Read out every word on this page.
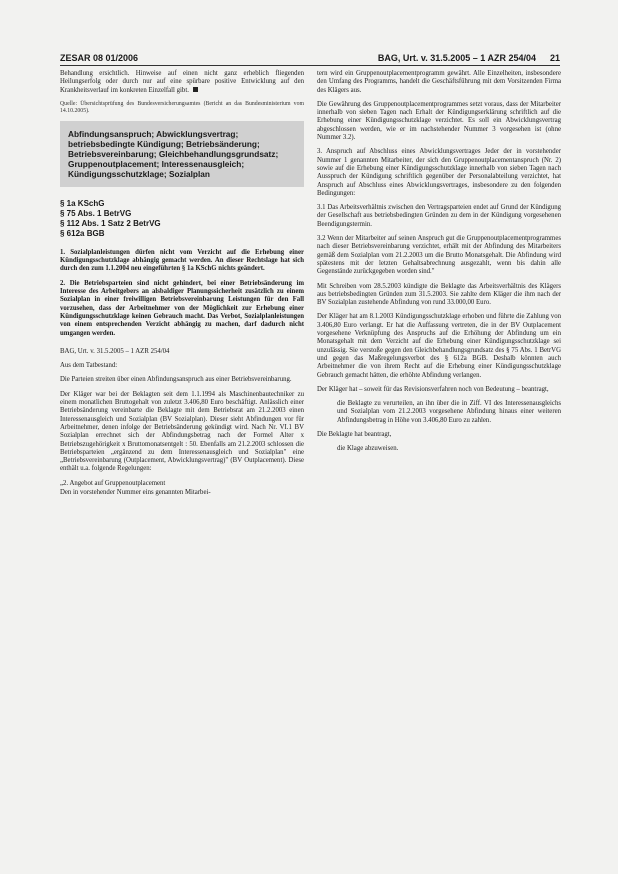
ZESAR 08 01/2006	BAG, Urt. v. 31.5.2005 – 1 AZR 254/04 21

Behandlung ersichtlich. Hinweise auf einen nicht ganz erheblich fliegenden Heilungserfolg oder durch nur auf eine spürbare positive Entwicklung auf den Krankheitsverlauf im konkreten Einzelfall gibt.

Quelle: Übersichtsprüfung des Bundesversicherungsamtes (Bericht an das Bundesministerium vom 14.10.2005).

Abfindungsanspruch; Abwicklungsvertrag; betriebsbedingte Kündigung; Betriebsänderung; Betriebsvereinbarung; Gleichbehandlungsgrundsatz; Gruppenoutplacement; Interessenausgleich; Kündigungsschutzklage; Sozialplan
§ 1a KSchG
§ 75 Abs. 1 BetrVG
§ 112 Abs. 1 Satz 2 BetrVG
§ 612a BGB

1. Sozialplanleistungen dürfen nicht vom Verzicht auf die Erhebung einer Kündigungsschutzklage abhängig gemacht werden. An dieser Rechtslage hat sich durch den zum 1.1.2004 neu eingeführten § 1a KSchG nichts geändert.

2. Die Betriebsparteien sind nicht gehindert, bei einer Betriebsänderung im Interesse des Arbeitgebers an alsbaldiger Planungssicherheit zusätzlich zu einem Sozialplan in einer freiwilligen Betriebsvereinbarung Leistungen für den Fall vorzusehen, dass der Arbeitnehmer von der Möglichkeit zur Erhebung einer Kündigungsschutzklage keinen Gebrauch macht. Das Verbot, Sozialplanleistungen von einem entsprechenden Verzicht abhängig zu machen, darf dadurch nicht umgangen werden.

BAG, Urt. v. 31.5.2005 – 1 AZR 254/04

Aus dem Tatbestand:

Die Parteien streiten über einen Abfindungsanspruch aus einer Betriebsvereinbarung.

Der Kläger war bei der Beklagten seit dem 1.1.1994 als Maschinenbautechniker zu einem monatlichen Bruttogehalt von zuletzt 3.406,80 Euro beschäftigt. Anlässlich einer Betriebsänderung vereinbarte die Beklagte mit dem Betriebsrat am 21.2.2003 einen Interessenausgleich und Sozialplan (BV Sozialplan). Dieser sieht Abfindungen vor für Arbeitnehmer, denen infolge der Betriebsänderung gekündigt wird. Nach Nr. VI.1 BV Sozialplan errechnet sich der Abfindungsbetrag nach der Formel Alter x Betriebszugehörigkeit x Bruttomonatsentgelt : 50. Ebenfalls am 21.2.2003 schlossen die Betriebsparteien „ergänzend zu dem Interessenausgleich und Sozialplan" eine „Betriebsvereinbarung (Outplacement, Abwicklungsvertrag)" (BV Outplacement). Diese enthält u.a. folgende Regelungen:

„2. Angebot auf Gruppenoutplacement

Den in vorstehender Nummer eins genannten Mitarbei-

tern wird ein Gruppenoutplacementprogramm gewährt. Alle Einzelheiten, insbesondere den Umfang des Programms, handelt die Geschäftsführung mit dem Vorsitzenden Firma des Klägers aus.

Die Gewährung des Gruppenoutplacementprogrammes setzt voraus, dass der Mitarbeiter innerhalb von sieben Tagen nach Erhalt der Kündigungserklärung schriftlich auf die Erhebung einer Kündigungsschutzklage verzichtet. Es soll ein Abwicklungsvertrag abgeschlossen werden, wie er im nachstehender Nummer 3 vorgesehen ist (ohne Nummer 3.2).

3. Anspruch auf Abschluss eines Abwicklungsvertrages Jeder der in vorstehender Nummer 1 genannten Mitarbeiter, der sich den Gruppenoutplacementanspruch (Nr. 2) sowie auf die Erhebung einer Kündigungsschutzklage innerhalb von sieben Tagen nach Ausspruch der Kündigung schriftlich gegenüber der Personalabteilung verzichtet, hat Anspruch auf Abschluss eines Abwicklungsvertrages, insbesondere zu den folgenden Bedingungen:

3.1 Das Arbeitsverhältnis zwischen den Vertragsparteien endet auf Grund der Kündigung der Gesellschaft aus betriebsbedingten Gründen zu dem in der Kündigung vorgesehenen Beendigungstermin.

3.2 Wenn der Mitarbeiter auf seinen Anspruch gut die Gruppenoutplacementprogrammes nach dieser Betriebsvereinbarung verzichtet, erhält mit der Abfindung des Mitarbeiters gemäß dem Sozialplan vom 21.2.2003 um die Brutto Monatsgehalt. Die Abfindung wird spätestens mit der letzten Gehaltsabrechnung ausgezahlt, wenn bis dahin alle Gegenstände zurückgegeben worden sind."

Mit Schreiben vom 28.5.2003 kündigte die Beklagte das Arbeitsverhältnis des Klägers aus betriebsbedingten Gründen zum 31.5.2003. Sie zahlte dem Kläger die ihm nach der BV Sozialplan zustehende Abfindung von rund 33.000,00 Euro.

Der Kläger hat am 8.1.2003 Kündigungsschutzklage erhoben und führte die Zahlung von 3.406,80 Euro verlangt. Er hat die Auffassung vertreten, die in der BV Outplacement vorgesehene Verknüpfung des Anspruchs auf die Erhöhung der Abfindung um ein Monatsgehalt mit dem Verzicht auf die Erhebung einer Kündigungsschutzklage sei unzulässig. Sie verstoße gegen den Gleichbehandlungsgrundsatz des § 75 Abs. 1 BetrVG und gegen das Maßregelungsverbot des § 612a BGB. Deshalb könnten auch Arbeitnehmer die von ihrem Recht auf die Erhebung einer Kündigungsschutzklage Gebrauch gemacht hätten, die erhöhte Abfindung verlangen.

Der Kläger hat – soweit für das Revisionsverfahren noch von Bedeutung – beantragt,

die Beklagte zu verurteilen, an ihn über die in Ziff. VI des Interessenausgleichs und Sozialplan vom 21.2.2003 vorgesehene Abfindung hinaus einer weiteren Abfindungsbetrag in Höhe von 3.406,80 Euro zu zahlen.

Die Beklagte hat beantragt,

die Klage abzuweisen.
